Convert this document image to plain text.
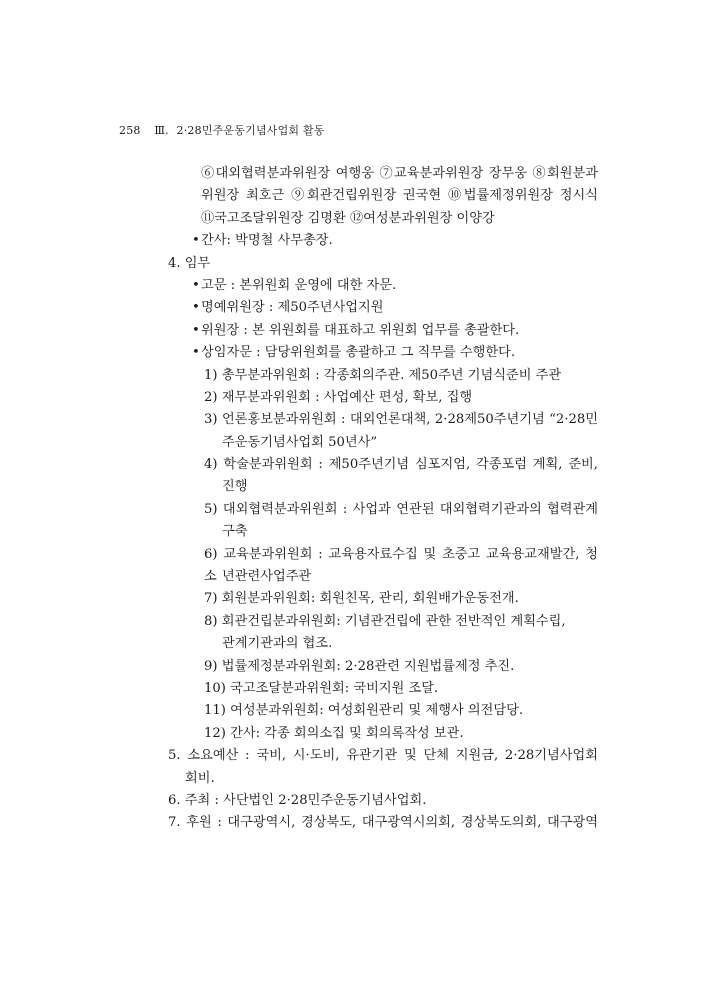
258 Ⅲ. 2·28민주운동기념사업회 활동
⑥대외협력분과위원장 여행웅 ⑦교육분과위원장 장무웅 ⑧회원분과
위원장 최호근 ⑨회관건립위원장 권국현 ⑩법률제정위원장 정시식
⑪국고조달위원장 김명환 ⑫여성분과위원장 이양강
• 간사: 박명철 사무총장.
4. 임무
• 고문 : 본위원회 운영에 대한 자문.
• 명예위원장 : 제50주년사업지원
• 위원장 : 본 위원회를 대표하고 위원회 업무를 총괄한다.
• 상임자문 : 담당위원회를 총괄하고 그 직무를 수행한다.
1) 총무분과위원회 : 각종회의주관. 제50주년 기념식준비 주관
2) 재무분과위원회 : 사업예산 편성, 확보, 집행
3) 언론홍보분과위원회 : 대외언론대책, 2·28제50주년기념 “2·28민
주운동기념사업회 50년사”
4) 학술분과위원회 : 제50주년기념 심포지엄, 각종포럼 계획, 준비,
진행
5) 대외협력분과위원회 : 사업과 연관된 대외협력기관과의 협력관계
구축
6) 교육분과위원회 : 교육용자료수집 및 초중고 교육용교재발간, 청소 년관련사업주관
7) 회원분과위원회: 회원친목, 관리, 회원배가운동전개.
8) 회관건립분과위원회: 기념관건립에 관한 전반적인 계획수립,
관계기관과의 협조.
9) 법률제정분과위원회: 2·28관련 지원법률제정 추진.
10) 국고조달분과위원회: 국비지원 조달.
11) 여성분과위원회: 여성회원관리 및 제행사 의전담당.
12) 간사: 각종 회의소집 및 회의록작성 보관.
5. 소요예산 : 국비, 시·도비, 유관기관 및 단체 지원금, 2·28기념사업회
회비.
6. 주최 : 사단법인 2·28민주운동기념사업회.
7. 후원 : 대구광역시, 경상북도, 대구광역시의회, 경상북도의회, 대구광역
